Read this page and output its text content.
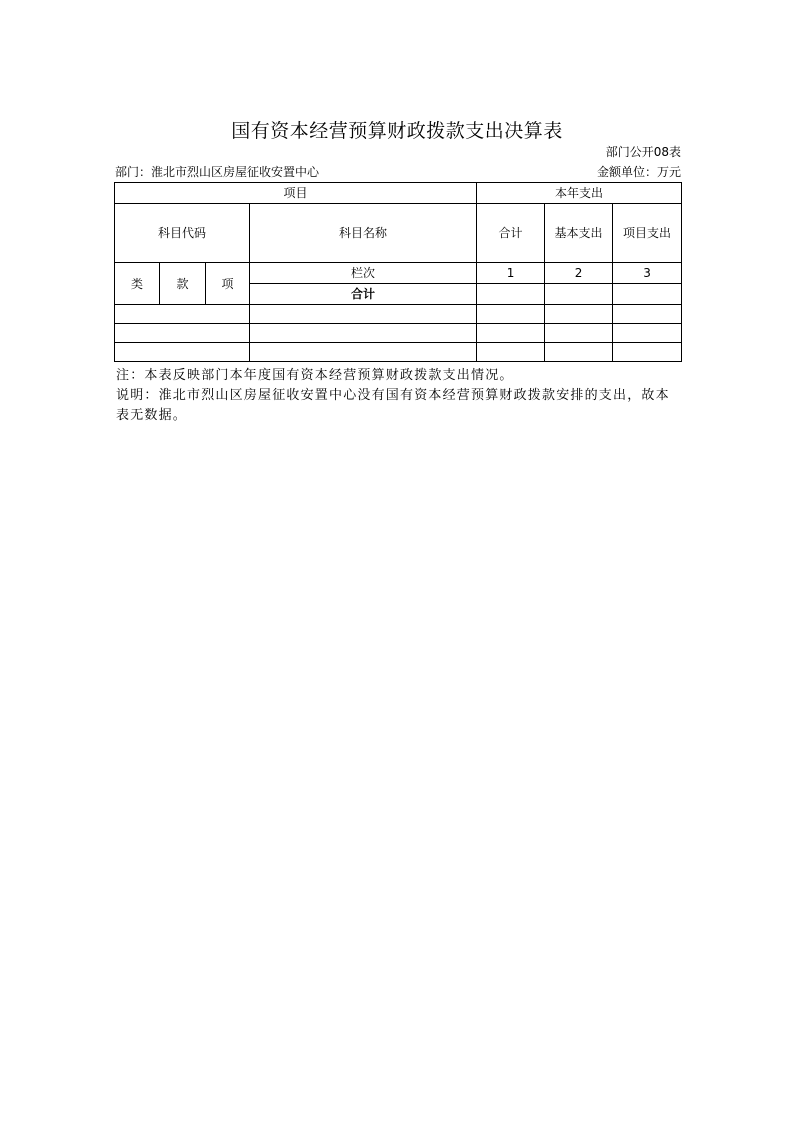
国有资本经营预算财政拨款支出决算表
部门公开08表
部门：淮北市烈山区房屋征收安置中心	金额单位：万元
项目				本年支出		
科目代码			科目名称	合计	基本支出	项目支出
类	款	项	栏次	1	2	3
			合计			

注：本表反映部门本年度国有资本经营预算财政拨款支出情况。

说明：淮北市烈山区房屋征收安置中心没有国有资本经营预算财政拨款安排的支出，故本表无数据。
